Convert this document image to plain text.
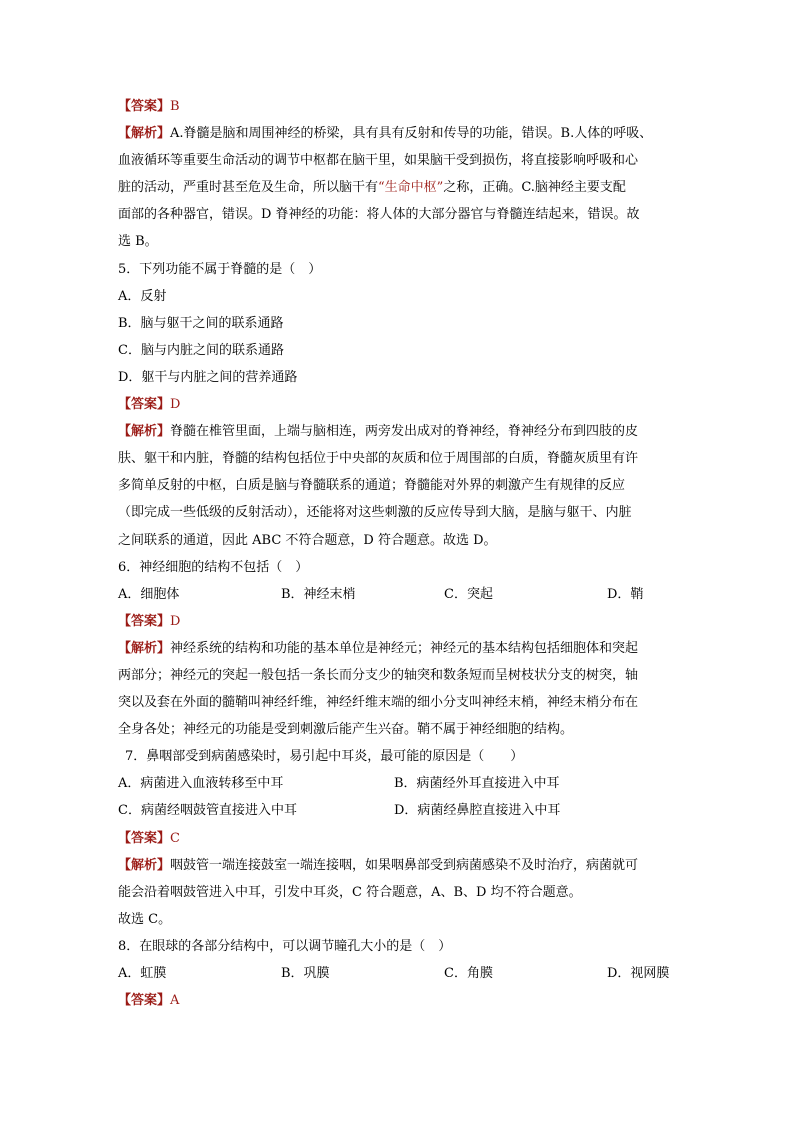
【答案】B
【解析】A.脊髓是脑和周围神经的桥梁，具有具有反射和传导的功能，错误。B.人体的呼吸、
血液循环等重要生命活动的调节中枢都在脑干里，如果脑干受到损伤，将直接影响呼吸和心
脏的活动，严重时甚至危及生命，所以脑干有“生命中枢”之称，正确。C.脑神经主要支配
面部的各种器官，错误。D 脊神经的功能：将人体的大部分器官与脊髓连结起来，错误。故
选 B。
5．下列功能不属于脊髓的是（　）
A．反射
B．脑与躯干之间的联系通路
C．脑与内脏之间的联系通路
D．躯干与内脏之间的营养通路
【答案】D
【解析】脊髓在椎管里面，上端与脑相连，两旁发出成对的脊神经，脊神经分布到四肢的皮
肤、躯干和内脏，脊髓的结构包括位于中央部的灰质和位于周围部的白质，脊髓灰质里有许
多简单反射的中枢，白质是脑与脊髓联系的通道；脊髓能对外界的刺激产生有规律的反应
（即完成一些低级的反射活动），还能将对这些刺激的反应传导到大脑，是脑与躯干、内脏
之间联系的通道，因此 ABC 不符合题意，D 符合题意。故选 D。
6．神经细胞的结构不包括（　）
A．细胞体	B．神经末梢	C．突起	D．鞘
【答案】D
【解析】神经系统的结构和功能的基本单位是神经元；神经元的基本结构包括细胞体和突起
两部分；神经元的突起一般包括一条长而分支少的轴突和数条短而呈树枝状分支的树突，轴
突以及套在外面的髓鞘叫神经纤维，神经纤维末端的细小分支叫神经末梢，神经末梢分布在
全身各处；神经元的功能是受到刺激后能产生兴奋。鞘不属于神经细胞的结构。
7．鼻咽部受到病菌感染时，易引起中耳炎，最可能的原因是（　　）
A．病菌进入血液转移至中耳	B．病菌经外耳直接进入中耳
C．病菌经咽鼓管直接进入中耳	D．病菌经鼻腔直接进入中耳
【答案】C
【解析】咽鼓管一端连接鼓室一端连接咽，如果咽鼻部受到病菌感染不及时治疗，病菌就可
能会沿着咽鼓管进入中耳，引发中耳炎，C 符合题意，A、B、D 均不符合题意。
故选 C。
8．在眼球的各部分结构中，可以调节瞳孔大小的是（　）
A．虹膜	B．巩膜	C．角膜	D．视网膜
【答案】A
